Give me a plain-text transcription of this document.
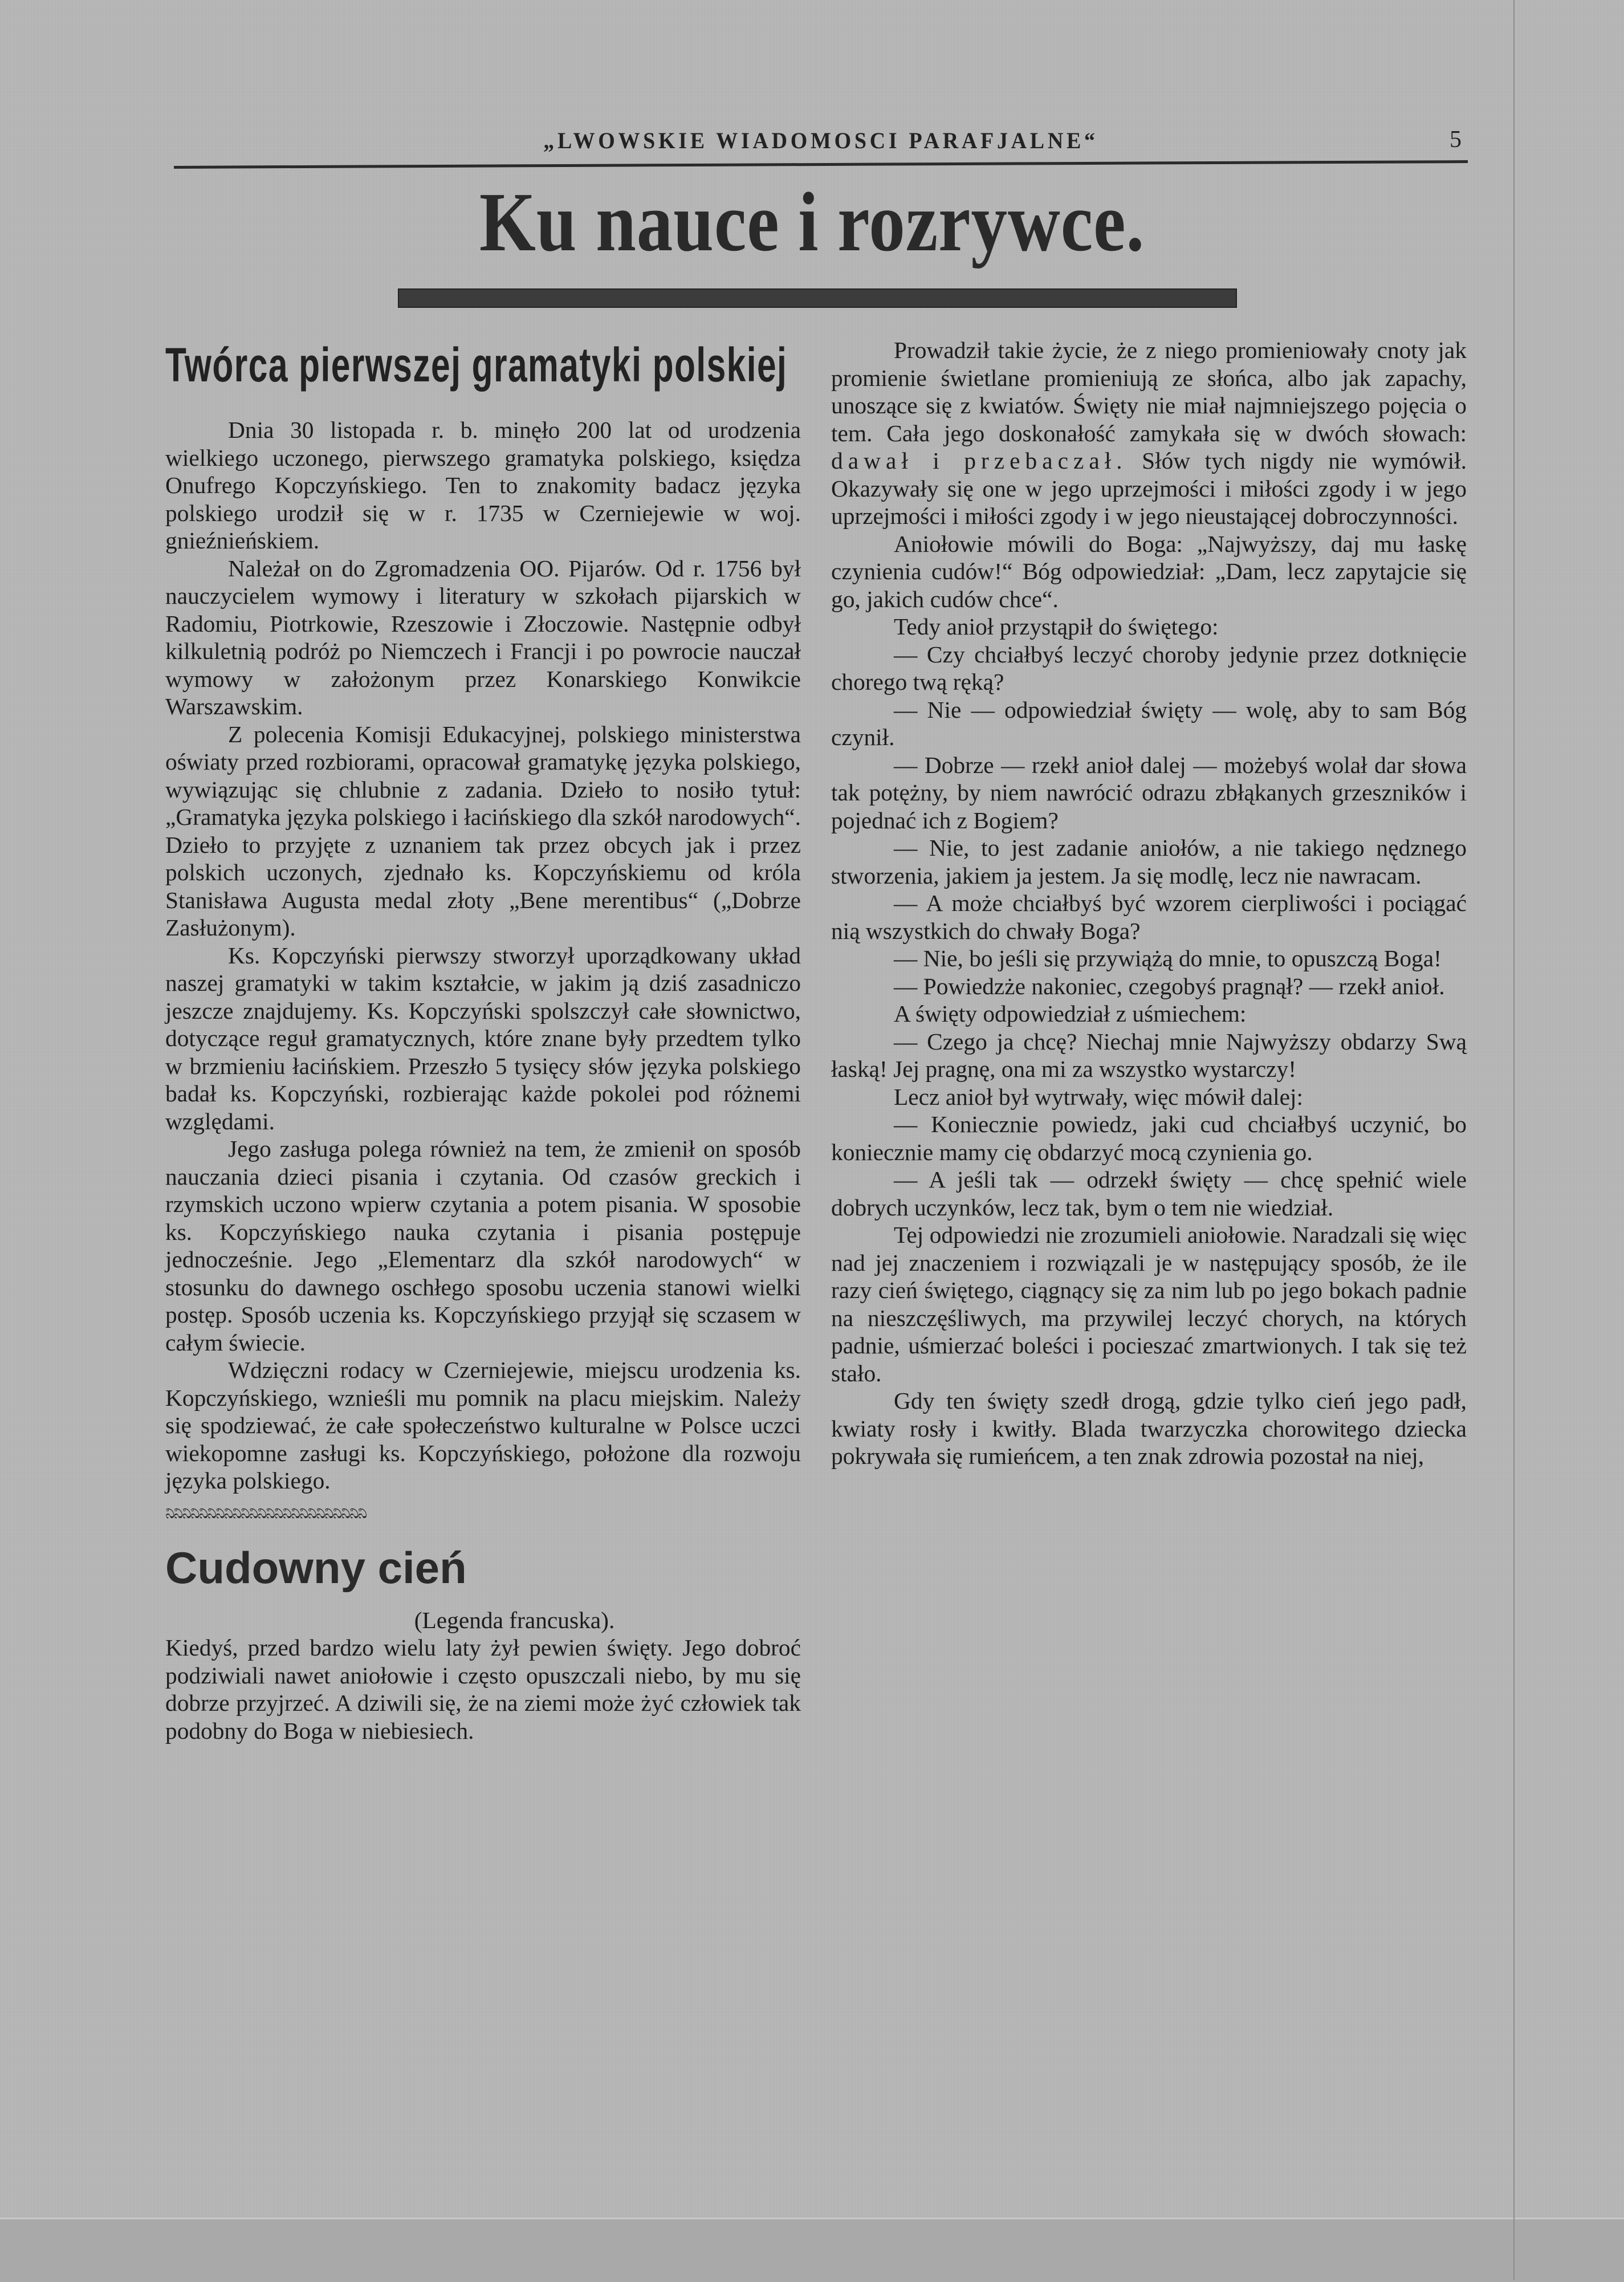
„LWOWSKIE WIADOMOSCI PARAFJALNE“	5
Ku nauce i rozrywce.
Twórca pierwszej gramatyki polskiej

Dnia 30 listopada r. b. minęło 200 lat od urodzenia wielkiego uczonego, pierwszego gramatyka polskiego, księdza Onufrego Kopczyńskiego. Ten to znakomity badacz języka polskiego urodził się w r. 1735 w Czerniejewie w woj. gnieźnieńskiem.

Należał on do Zgromadzenia OO. Pijarów. Od r. 1756 był nauczycielem wymowy i literatury w szkołach pijarskich w Radomiu, Piotrkowie, Rzeszowie i Złoczowie. Następnie odbył kilkuletnią podróż po Niemczech i Francji i po powrocie nauczał wymowy w założonym przez Konarskiego Konwikcie Warszawskim.

Z polecenia Komisji Edukacyjnej, polskiego ministerstwa oświaty przed rozbiorami, opracował gramatykę języka polskiego, wywiązując się chlubnie z zadania. Dzieło to nosiło tytuł: „Gramatyka języka polskiego i łacińskiego dla szkół narodowych“. Dzieło to przyjęte z uznaniem tak przez obcych jak i przez polskich uczonych, zjednało ks. Kopczyńskiemu od króla Stanisława Augusta medal złoty „Bene merentibus“ („Dobrze Zasłużonym).

Ks. Kopczyński pierwszy stworzył uporządkowany układ naszej gramatyki w takim kształcie, w jakim ją dziś zasadniczo jeszcze znajdujemy. Ks. Kopczyński spolszczył całe słownictwo, dotyczące reguł gramatycznych, które znane były przedtem tylko w brzmieniu łacińskiem. Przeszło 5 tysięcy słów języka polskiego badał ks. Kopczyński, rozbierając każde pokolei pod różnemi względami.

Jego zasługa polega również na tem, że zmienił on sposób nauczania dzieci pisania i czytania. Od czasów greckich i rzymskich uczono wpierw czytania a potem pisania. W sposobie ks. Kopczyńskiego nauka czytania i pisania postępuje jednocześnie. Jego „Elementarz dla szkół narodowych“ w stosunku do dawnego oschłego sposobu uczenia stanowi wielki postęp. Sposób uczenia ks. Kopczyńskiego przyjął się sczasem w całym świecie.

Wdzięczni rodacy w Czerniejewie, miejscu urodzenia ks. Kopczyńskiego, wznieśli mu pomnik na placu miejskim. Należy się spodziewać, że całe społeczeństwo kulturalne w Polsce uczci wiekopomne zasługi ks. Kopczyńskiego, położone dla rozwoju języka polskiego.

ನಿನಿನಿನಿನಿನಿನಿನಿನಿನಿನಿನಿನಿನಿನಿನಿನಿನಿನಿನಿನಿನಿನಿನಿ
Cudowny cień

(Legenda francuska).

Kiedyś, przed bardzo wielu laty żył pewien święty. Jego dobroć podziwiali nawet aniołowie i często opuszczali niebo, by mu się dobrze przyjrzeć. A dziwili się, że na ziemi może żyć człowiek tak podobny do Boga w niebiesiech.

Prowadził takie życie, że z niego promieniowały cnoty jak promienie świetlane promieniują ze słońca, albo jak zapachy, unoszące się z kwiatów. Święty nie miał najmniejszego pojęcia o tem. Cała jego doskonałość zamykała się w dwóch słowach: dawał i przebaczał. Słów tych nigdy nie wymówił. Okazywały się one w jego uprzejmości i miłości zgody i w jego uprzejmości i miłości zgody i w jego nieustającej dobroczynności.

Aniołowie mówili do Boga: „Najwyższy, daj mu łaskę czynienia cudów!“ Bóg odpowiedział: „Dam, lecz zapytajcie się go, jakich cudów chce“.

Tedy anioł przystąpił do świętego:

— Czy chciałbyś leczyć choroby jedynie przez dotknięcie chorego twą ręką?

— Nie — odpowiedział święty — wolę, aby to sam Bóg czynił.

— Dobrze — rzekł anioł dalej — możebyś wolał dar słowa tak potężny, by niem nawrócić odrazu zbłąkanych grzeszników i pojednać ich z Bogiem?

— Nie, to jest zadanie aniołów, a nie takiego nędznego stworzenia, jakiem ja jestem. Ja się modlę, lecz nie nawracam.

— A może chciałbyś być wzorem cierpliwości i pociągać nią wszystkich do chwały Boga?

— Nie, bo jeśli się przywiążą do mnie, to opuszczą Boga!

— Powiedzże nakoniec, czegobyś pragnął? — rzekł anioł.

A święty odpowiedział z uśmiechem:

— Czego ja chcę? Niechaj mnie Najwyższy obdarzy Swą łaską! Jej pragnę, ona mi za wszystko wystarczy!

Lecz anioł był wytrwały, więc mówił dalej:

— Koniecznie powiedz, jaki cud chciałbyś uczynić, bo koniecznie mamy cię obdarzyć mocą czynienia go.

— A jeśli tak — odrzekł święty — chcę spełnić wiele dobrych uczynków, lecz tak, bym o tem nie wiedział.

Tej odpowiedzi nie zrozumieli aniołowie. Naradzali się więc nad jej znaczeniem i rozwiązali je w następujący sposób, że ile razy cień świętego, ciągnący się za nim lub po jego bokach padnie na nieszczęśliwych, ma przywilej leczyć chorych, na których padnie, uśmierzać boleści i pocieszać zmartwionych. I tak się też stało.

Gdy ten święty szedł drogą, gdzie tylko cień jego padł, kwiaty rosły i kwitły. Blada twarzyczka chorowitego dziecka pokrywała się rumieńcem, a ten znak zdrowia pozostał na niej,
